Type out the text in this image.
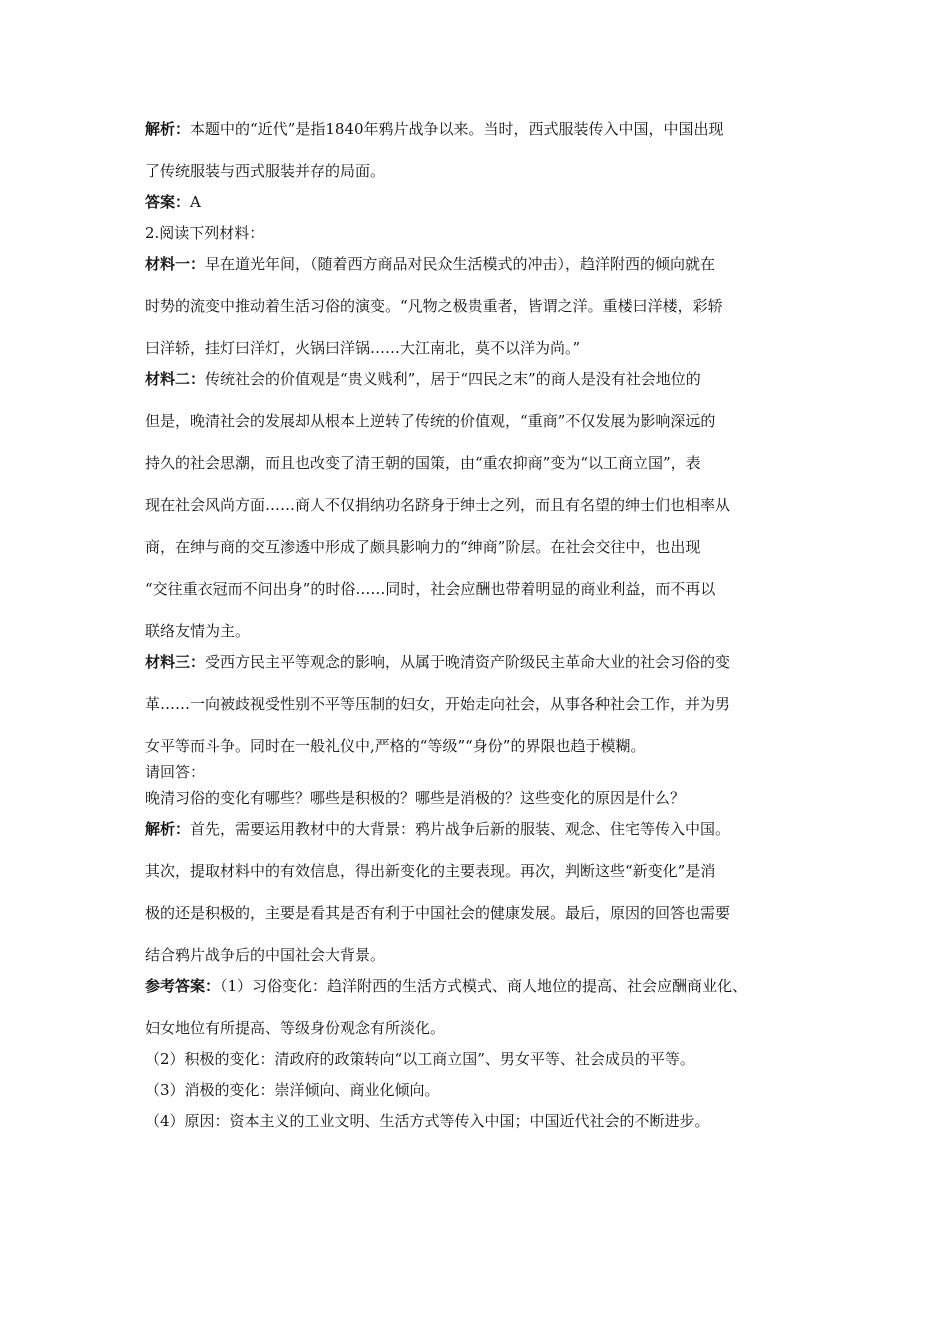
解析：本题中的“近代”是指1840年鸦片战争以来。当时，西式服装传入中国，中国出现

了传统服装与西式服装并存的局面。

答案：A

2.阅读下列材料：

材料一：早在道光年间，（随着西方商品对民众生活模式的冲击），趋洋附西的倾向就在

时势的流变中推动着生活习俗的演变。“凡物之极贵重者，皆谓之洋。重楼曰洋楼，彩轿

曰洋轿，挂灯曰洋灯，火锅曰洋锅……大江南北，莫不以洋为尚。”

材料二：传统社会的价值观是“贵义贱利”，居于“四民之末”的商人是没有社会地位的

但是，晚清社会的发展却从根本上逆转了传统的价值观，“重商”不仅发展为影响深远的

持久的社会思潮，而且也改变了清王朝的国策，由“重农抑商”变为“以工商立国”，表

现在社会风尚方面……商人不仅捐纳功名跻身于绅士之列，而且有名望的绅士们也相率从

商，在绅与商的交互渗透中形成了颇具影响力的“绅商”阶层。在社会交往中，也出现

“交往重衣冠而不问出身”的时俗……同时，社会应酬也带着明显的商业利益，而不再以

联络友情为主。

材料三：受西方民主平等观念的影响，从属于晚清资产阶级民主革命大业的社会习俗的变

革……一向被歧视受性别不平等压制的妇女，开始走向社会，从事各种社会工作，并为男

女平等而斗争。同时在一般礼仪中,严格的“等级”“身份”的界限也趋于模糊。

请回答：

晚清习俗的变化有哪些？哪些是积极的？哪些是消极的？这些变化的原因是什么？

解析：首先，需要运用教材中的大背景：鸦片战争后新的服装、观念、住宅等传入中国。

其次，提取材料中的有效信息，得出新变化的主要表现。再次，判断这些“新变化”是消

极的还是积极的，主要是看其是否有利于中国社会的健康发展。最后，原因的回答也需要

结合鸦片战争后的中国社会大背景。

参考答案：（1）习俗变化：趋洋附西的生活方式模式、商人地位的提高、社会应酬商业化、

妇女地位有所提高、等级身份观念有所淡化。

（2）积极的变化：清政府的政策转向“以工商立国”、男女平等、社会成员的平等。

（3）消极的变化：崇洋倾向、商业化倾向。

（4）原因：资本主义的工业文明、生活方式等传入中国；中国近代社会的不断进步。
